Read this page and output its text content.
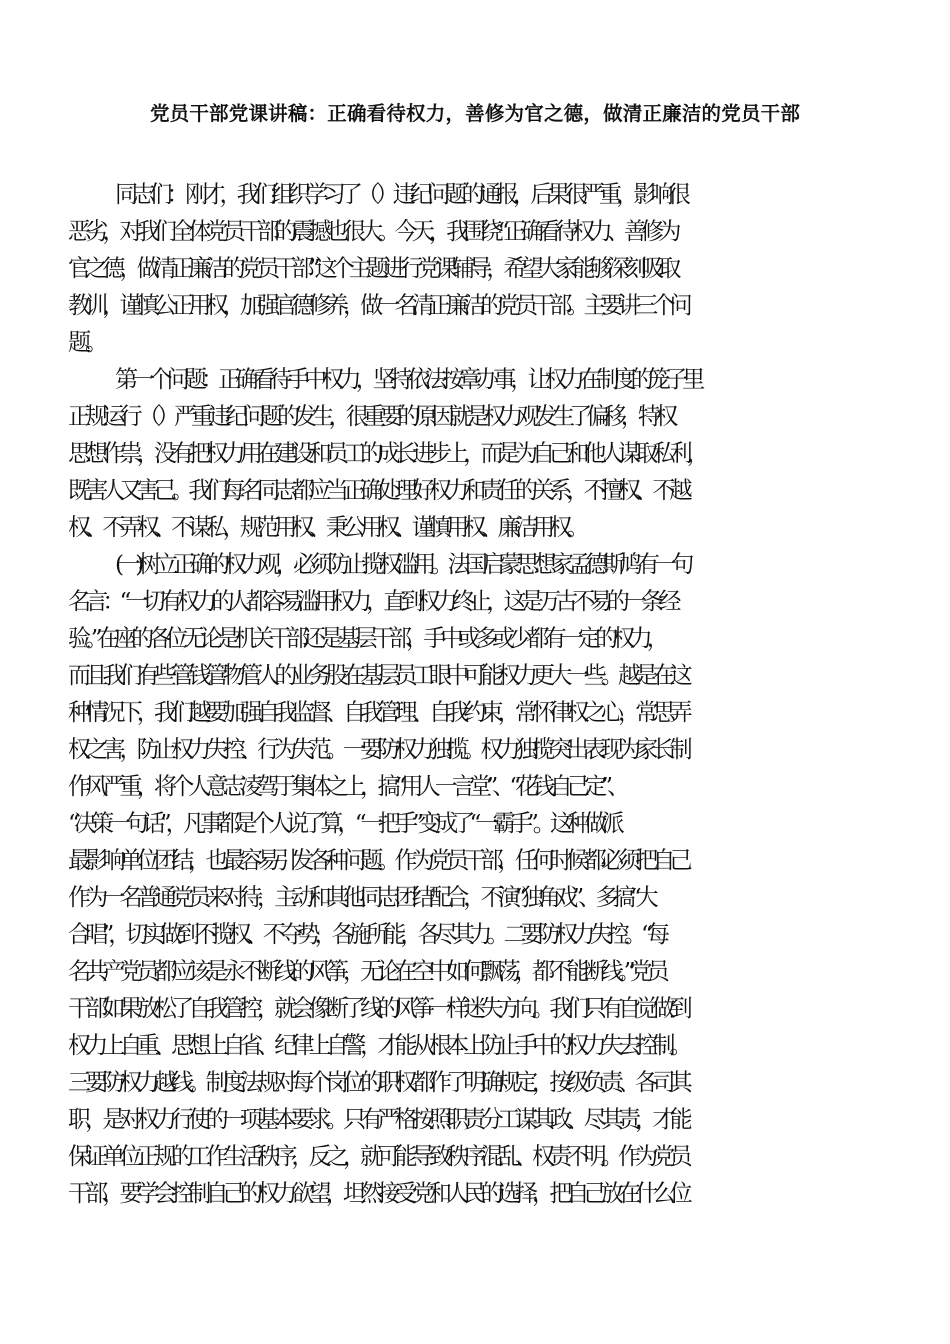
党员干部党课讲稿：正确看待权力，善修为官之德，做清正廉洁的党员干部
同志们： 刚才，我们组织学习了（ ）违纪问题的通报，后果很严重，影响很
恶劣，对我们全体党员干部的震撼也很大。今天，我围绕“正确看待权力、善修为
官之德，做清正廉洁的党员干部”这个主题进行党课辅导，希望大家能够深刻吸取
教训，谨慎公正用权，加强官德修养，做一名清正廉洁的党员干部。主要讲三个问
题。
第一个问题：正确看待手中权力，坚持依法按章办事，让权力在制度的笼子里
正规运行 （ ）严重违纪问题的发生，很重要的原因就是权力观发生了偏移，特权
思想作祟，没有把权力用在建设和员工的成长进步上，而是为自己和他人谋取私利，
既害人又害己。我们每名同志都应当正确处理好权力和责任的关系，不擅权、不越
权、不弄权、不谋私，规范用权、秉公用权、谨慎用权、廉洁用权。
(一)树立正确的权力观，必须防止揽权滥用。法国启蒙思想家孟德斯鸠有一句
名言：“一切有权力的人都容易滥用权力，直到权力终止，这是万古不易的一条经
验。”在座的各位无论是机关干部还是基层干部，手中或多或少都有一定的权力，
而且我们有些管钱管物管人的业务股在基层员工眼中可能权力更大一些。越是在这
种情况下，我们越要加强自我监督、自我管理、自我约束，常怀律权之心，常思弄
权之害，防止权力失控、行为失范。一要防权力独揽。权力独揽突出表现为家长制
作风严重，将个人意志凌驾于集体之上，搞“用人一言堂”、“花钱自己定”、
“决策一句话”，凡事都是个人说了算，“一把手”变成了“一霸手”。这种做派
最影响单位团结，也最容易引发各种问题。作为党员干部，任何时候都必须把自己
作为一名普通党员来对待，主动和其他同志团结配合，不演“独角戏”、多搞“大
合唱”，切实做到不揽权、不夺势，各施所能，各尽其力。二要防权力失控。“每
名共产党员都应该是永不断线的风筝，无论在空中如何飘荡，都不能断线。”党员
干部如果放松了自我管控，就会像断了线的风筝一样迷失方向。我们只有自觉做到
权力上自重、思想上自省、纪律上自警，才能从根本上防止手中的权力失去控制。
三要防权力越线。制度法规对每个岗位的职权都作了明确规定，按级负责、各司其
职，是对权力行使的一项基本要求。只有严格按照职责分工谋其政、尽其责，才能
保证单位正规的工作生活秩序，反之，就可能导致秩序混乱、权责不明。作为党员
干部，要学会控制自己的权力欲望，坦然接受党和人民的选择，把自己放在什么位
